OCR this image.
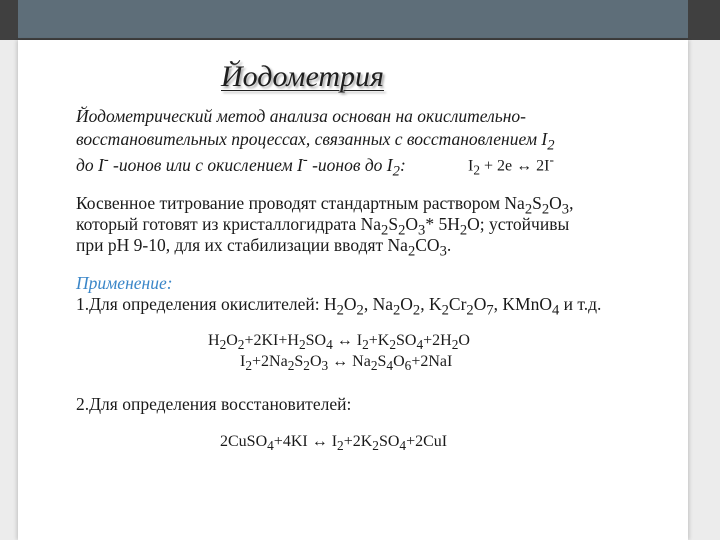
Йодометрия
Йодометрический метод анализа основан на окислительно-
восстановительных процессах, связанных с восстановлением $I_2$
до I- -ионов или с окислением I- -ионов до $I_2$:	$I_2 + 2e$ ↔ 2I-
Косвенное титрование проводят стандартным раствором $Na_2S_2O_3$,
который готовят из кристаллогидрата $Na_2S_2O_3*$ $5H_2O$; устойчивы
при pH 9-10, для их стабилизации вводят $Na_2CO_3$.
Применение:
1.Для определения окислителей: $H_2O_2$, $Na_2O_2$, $K_2Cr_2O_7$, KMnO$_4$ и т.д.
$H_2O_2+2KI+H_2SO_4$ ↔ $I_2+K_2SO_4+2H_2O$
$I_2+2Na_2S_2O_3$ ↔ $Na_2S_4O_6+2NaI$
2.Для определения восстановителей:
2CuSO$_4$+4KI ↔ $I_2+2K_2SO_4+2CuI$
